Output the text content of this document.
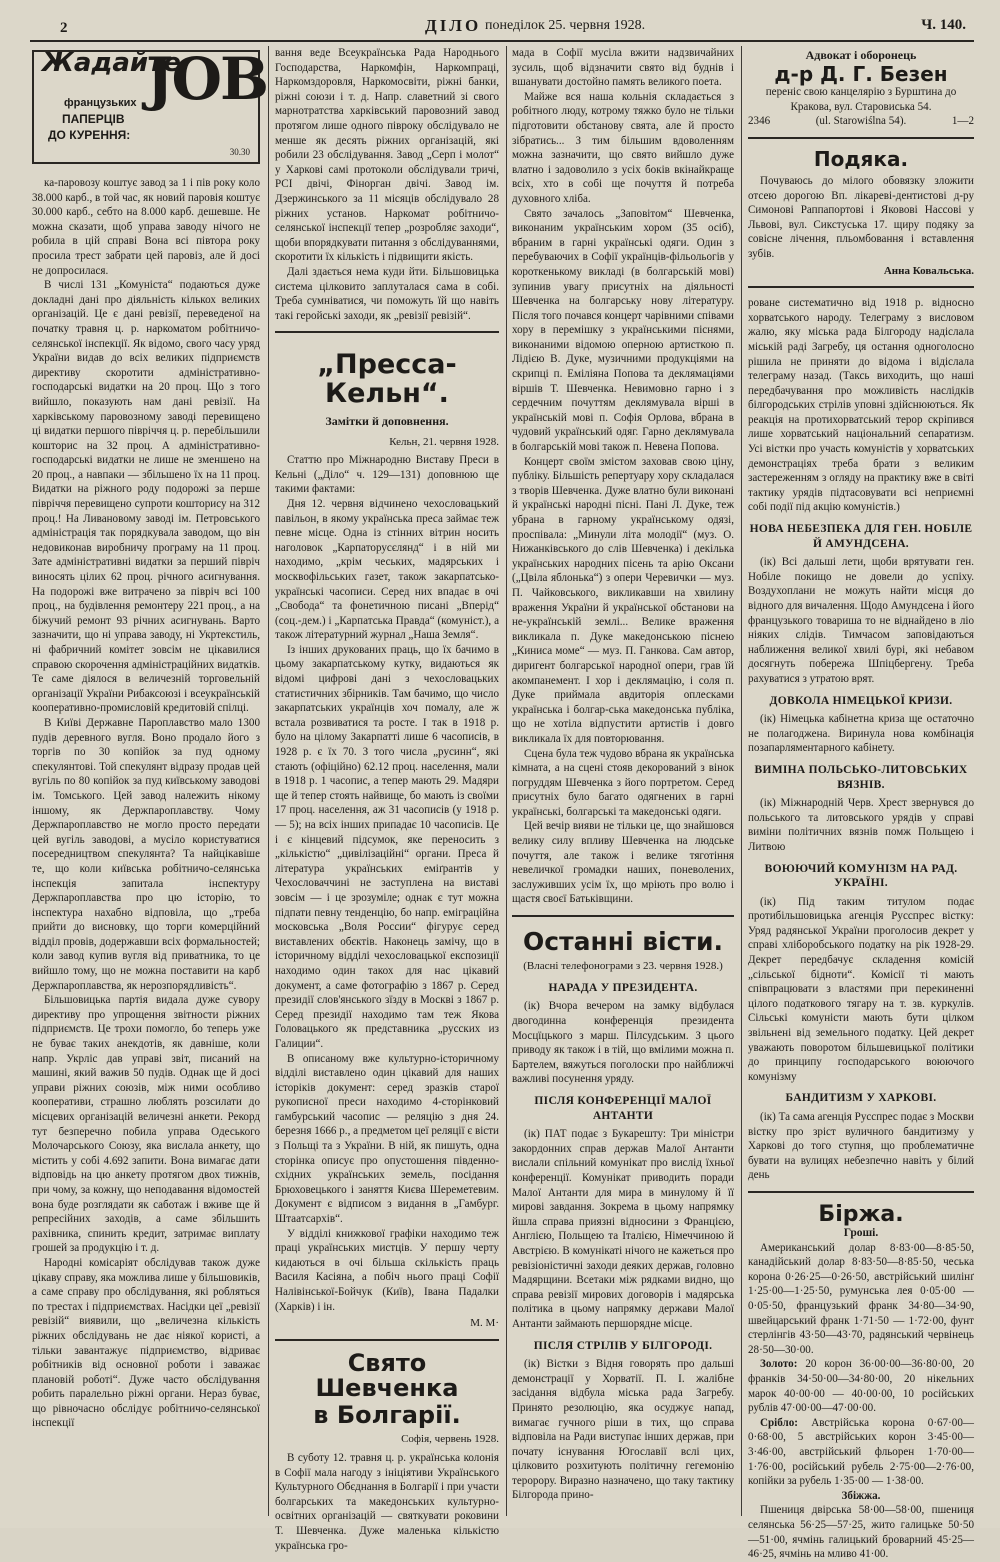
2	ДІЛО понеділок 25. червня 1928.	Ч. 140.
Жадайте
французьких
ПАПЕРЦІВ
ДО КУРЕННЯ:
JOB
30.30

ка-паровозу коштує завод за 1 і пів року коло 38.000 карб., в той час, як новий паровія коштує 30.000 карб., себто на 8.000 карб. дешевше. Не можна сказати, щоб управа заводу нічого не робила в цій справі Вона всі півтора року просила трест забрати цей паровіз, але й досі не допросилася.

В числі 131 „Комуніста“ подаються дуже докладні дані про діяльність кількох великих організацій. Це є дані ревізії, переведеної на початку травня ц. р. наркоматом робітничо-селянської інспекції. Як відомо, свого часу уряд України видав до всіх великих підприємств директиву скоротити адміністративно-господарські видатки на 20 проц. Що з того вийшло, показують нам дані ревізії. На харківському паровозному заводі перевищено ці видатки першого півріччя ц. р. перебільшили кошторис на 32 проц. А адміністративно-господарські видатки не лише не зменшено на 20 проц., а навпаки — збільшено їх на 11 проц. Видатки на ріжного роду подорожі за перше півріччя перевищено супроти кошторису на 312 проц.! На Ливановому заводі ім. Петровського адміністрація так порядкувала заводом, що він недовиконав виробничу програму на 11 проц. Зате адміністративні видатки за перший півріч виносять цілих 62 проц. річного асигнування. На подорожі вже витрачено за півріч всі 100 проц., на будівлення ремонтеру 221 проц., а на біжучий ремонт 93 річних асигнувань. Варто зазначити, що ні управа заводу, ні Укртекстиль, ні фабричний комітет зовсім не цікавилися справою скорочення адміністраційних видатків. Те саме діялося в величезній торговельній організації України Рибаксоюзі і всеукраїнській кооперативно-промисловій кредитовій спілці.

В Київі Державне Пароплавство мало 1300 пудів деревного вугля. Воно продало його з торгів по 30 копійок за пуд одному спекулянтові. Той спекулянт відразу продав цей вугіль по 80 копійок за пуд київському заводові ім. Томського. Цей завод належить нікому іншому, як Держпароплавству. Чому Держпароплавство не могло просто передати цей вугіль заводові, а мусіло користуватися посередництвом спекулянта? Та найцікавіше те, що коли київська робітничо-селянська інспекція запитала інспектуру Держпароплавства про цю історію, то інспектура нахабно відповіла, що „треба прийти до висновку, що торги комерційний відділ провів, додержавши всіх формальностей; коли завод купив вугля від приватника, то це вийшло тому, що не можна поставити на карб Держпароплавства, як нерозпорядливість“.

Більшовицька партія видала дуже сувору директиву про упрощення звітности ріжних підприємств. Це трохи помогло, бо теперь уже не буває таких анекдотів, як давніше, коли напр. Укрліс дав управі звіт, писаний на машині, який важив 50 пудів. Однак ще й досі управи ріжних союзів, між ними особливо кооперативи, страшно люблять розсилати до місцевих організацій величезні анкети. Рекорд тут безперечно побила управа Одеського Молочарського Союзу, яка вислала анкету, що містить у собі 4.692 запити. Вона вимагає дати відповідь на цю анкету протягом двох тижнів, при чому, за кожну, що неподавання відомостей вона буде розглядати як саботаж і вживе ще й репресійних заходів, а саме збільшить рахівника, спинить кредит, затримає виплату грошей за продукцію і т. д.

Народні комісаріят обслідував також дуже цікаву справу, яка можлива лише у більшовиків, а саме справу про обслідування, які робляться по трестах і підприємствах. Насідки цеї „ревізії ревізій“ виявили, що „величезна кількість ріжних обслідувань не дає ніякої користі, а тільки завантажує підприємство, відриває робітників від основної роботи і заважає плановій роботі“. Дуже часто обслідування робить паралельно ріжні органи. Нераз буває, що рівночасно обслідує робітничо-селянської інспекції

вання веде Всеукраїнська Рада Народнього Господарства, Наркомфін, Наркомпраці, Наркомздоровля, Наркомосвіти, ріжні банки, ріжні союзи і т. д. Напр. славетний зі свого марнотратства харківський паровозний завод протягом лише одного півроку обслідувало не менше як десять ріжних організацій, які робили 23 обслідування. Завод „Серп і молот“ у Харкові самі протоколи обслідували тричі, РСІ двічі, Фінорган двічі. Завод ім. Дзержинського за 11 місяців обслідувало 28 ріжних установ. Наркомат робітничо-селянської інспекції тепер „розробляє заходи“, щоби впорядкувати питання з обслідуваннями, скоротити їх кількість і підвищити якість.

Далі здається нема куди йти. Більшовицька система цілковито заплуталася сама в собі. Треба сумніватися, чи поможуть їй що навіть такі геройські заходи, як „ревізії ревізій“.

„Пресса-Кельн“.
Замітки й доповнення.
Кельн, 21. червня 1928.

Статтю про Міжнародню Виставу Преси в Кельні („Діло“ ч. 129—131) доповнюю ще такими фактами:

Дня 12. червня відчинено чехословацький павільон, в якому українська преса займає теж певне місце. Одна із стінних вітрин носить наголовок „Карпаторусєлянд“ і в ній ми находимо, „крім чеських, мадярських і москвофільських газет, також закарпатсько-українські часописи. Серед них впадає в очі „Свобода“ та фонетичною писані „Вперід“ (соц.-дем.) і „Карпатська Правда“ (комуніст.), а також літературний журнал „Наша Земля“.

Із інших друкованих праць, що їх бачимо в цьому закарпатському кутку, видаються як відомі цифрові дані з чехословацьких статистичних збірників. Там бачимо, що число закарпатських українців хоч помалу, але ж встала розвиватися та росте. І так в 1918 р. було на цілому Закарпатті лише 6 часописів, в 1928 р. є їх 70. З того числа „русинн“, які стають (офіційно) 62.12 проц. населення, мали в 1918 р. 1 часопис, а тепер мають 29. Мадяри ще й тепер стоять найвище, бо мають із своїми 17 проц. населення, аж 31 часописів (у 1918 р. — 5); на всіх інших припадає 10 часописів. Це і є кінцевий підсумок, яке переносить з „кількістю“ „цивілізаційні“ органи. Преса й література українських еміґрантів у Чехословаччині не заступлена на виставі зовсім — і це зрозуміле; однак є тут можна підпати певну тенденцію, бо напр. еміграційна московська „Воля России“ фігурує серед виставлених обєктів. Наконець замічу, що в історичному відділі чехословацької експозиції находимо один такох для нас цікавий документ, а саме фотографію з 1867 р. Серед президії слов'янського зїзду в Москві з 1867 р. Серед президії находимо там теж Якова Головацького як представника „русских из Галиции“.

В описаному вже культурно-історичному відділі виставлено один цікавий для наших історіків документ: серед зразків старої рукописної преси находимо 4-сторінковий гамбурський часопис — реляцію з дня 24. березня 1666 р., а предметом цеї реляції є вісти з Польщі та з України. В ній, як пишуть, одна сторінка описує про опустошення південно-східних українських земель, посідання Брюховецького і заняття Києва Шереметевим. Документ є відписом з видання в „Гамбург. Штаатсархів“.

У відділі книжкової графіки находимо теж праці українських мистців. У першу черту кидаються в очі більша скількість праць Василя Касіяна, а побіч нього праці Софії Налівінської-Бойчук (Київ), Івана Падалки (Харків) і ін.

М. М·
Свято Шевченка
в Болгарії.
Софія, червень 1928.

В суботу 12. травня ц. р. українська колонія в Софії мала нагоду з ініціятиви Українського Культурного Обєднання в Болгарії і при участи болгарських та македонських культурно-освітних організацій — святкувати роковини Т. Шевченка. Дуже маленька кількістю українська гро-

мада в Софії мусіла вжити надзвичайних зусиль, щоб відзначити свято від буднів і вшанувати достойно память великого поета.

Майже вся наша кольнія складається з робітного люду, котрому тяжко було не тільки підготовити обстанову свята, але й просто зібратись... З тим більшим вдоволенням можна зазначити, що свято вийшло дуже влатно і задоволило з усіх боків вкінайкраще всіх, хто в собі ще почуття й потреба духовного хліба.

Свято зачалось „Заповітом“ Шевченка, виконаним українським хором (35 осіб), вбраним в гарні українські одяги. Один з перебуваючих в Софії українців-фільольогів у короткенькому викладі (в болгарській мові) зупинив увагу присутніх на діяльності Шевченка на болгарську нову літературу. Після того почався концерт чарівними співами хору в перемішку з українськими піснями, виконаними відомою оперною артисткою п. Лідією В. Дуке, музичними продукціями на скрипці п. Еміліяна Попова та деклямаціями віршів Т. Шевченка. Невимовно гарно і з сердечним почуттям деклямувала вірші в українській мові п. Софія Орлова, вбрана в чудовий український одяг. Гарно деклямувала в болгарській мові також п. Невена Попова.

Концерт своїм змістом заховав свою ціну, публіку. Більшість репертуару хору складалася з творів Шевченка. Дуже влатно були виконані й українські народні пісні. Пані Л. Дуке, теж убрана в гарному українському одязі, проспівала: „Минули літа молодії“ (муз. О. Нижанківського до слів Шевченка) і декілька українських народних пісень та арію Оксани („Цвіла яблонька“) з опери Черевички — муз. П. Чайковського, викликавши на хвилину враження України й української обстанови на не-українській землі... Велике враження викликала п. Дуке македонською піснею „Киниса моме“ — муз. П. Ганкова. Сам автор, диригент болгарської народної опери, грав їй акомпанемент. І хор і деклямацію, і соля п. Дуке приймала авдиторія оплесками українська і болгар-ська македонська публіка, що не хотіла відпустити артистів і довго викликала їх для повторювання.

Сцена була теж чудово вбрана як українська кімната, а на сцені стояв декорований з вінок погруддям Шевченка з його портретом. Серед присутніх було багато одягнених в гарні українські, болгарські та македонські одяги.

Цей вечір вияви не тільки це, що знайшовся велику силу впливу Шевченка на людське почуття, але також і велике тяготіння невеличкої громадки наших, поневолених, заслуживших усім їх, що мріють про волю і щастя своєї Батьківщини.

Останні вісти.
(Власні телефонограми з 23. червня 1928.)
НАРАДА У ПРЕЗИДЕНТА.

(ік) Вчора вечером на замку відбулася двогодинна конференція президента Мосцїцького з марш. Пілсудським. З цього приводу як також і в тій, що вмілими можна п. Бартелем, вяжуться поголоски про найближчі важливі посунення уряду.

ПІСЛЯ КОНФЕРЕНЦІЇ МАЛОЇ АНТАНТИ

(ік) ПАТ подає з Букарешту: Три міністри закордонних справ держав Малої Антанти вислали спільний комунікат про вислід їхньої конференції. Комунікат приводить поради Малої Антанти для мира в минулому й її мирові завдання. Зокрема в цьому напрямку йшла справа приязні відносини з Францією, Англією, Польщею та Італією, Німеччиною й Австрією. В комунікаті нічого не кажеться про ревізіоністичні заходи деяких держав, головно Мадярщини. Всетаки між рядками видно, що справа ревізії мирових договорів і мадярська політика в цьому напрямку держави Малої Антанти займають першорядне місце.

ПІСЛЯ СТРІЛІВ У БІЛГОРОДІ.

(ік) Вістки з Відня говорять про дальші демонстрації у Хорватії. П. І. жалібне засідання відбула міська рада Загребу. Принято резолюцію, яка осуджує напад, вимагає гучного ріши в тих, що справа відповіла на Ради виступає інших держав, при почату існування Югославії вслі цих, цілковито розхитують політичну гегемонію теророру. Виразно назначено, що таку тактику Білгорода прино-

Адвокат і оборонець
д-р Д. Г. Безен
переніс свою канцелярію з Бурштина до
Кракова, вул. Старовиська 54.
2346	(ul. Starowiślna 54).	1—2
Подяка.

Почуваюсь до мілого обовязку зложити отсею дорогою Вп. лікареві-дентистові д-ру Симонові Раппапортові і Яковові Нассові у Львові, вул. Сикстуська 17. щиру подяку за совісне лічення, пльомбовання і вставлення зубів.

Анна Ковальська.

роване систематично від 1918 р. відносно хорватського народу. Телеграму з висловом жалю, яку міська рада Білгороду надіслала міській раді Загребу, ця остання одноголосно рішила не приняти до відома і відіслала телеграму назад. (Таксь виходить, що наші передбачування про можливість наслідків білгородських стрілів уповні здійснюються. Як реакція на протихорватський терор скріпився лише хорватський національний сепаратизм. Усі вістки про участь комуністів у хорватських демонстраціях треба брати з великим застереженням з огляду на практику вже в світі тактику урядів підтасовувати всі неприємні собі події під акцію комуністів.)

НОВА НЕБЕЗПЕКА ДЛЯ ГЕН. НОБІЛЕ Й АМУНДСЕНА.

(ік) Всі дальші лети, щоби врятувати ген. Нобіле покищо не довели до успіху. Воздухоплани не можуть найти місця до відного для вичалення. Щодо Амундсена і його французького товариша то не віднайдено в ліо ніяких слідів. Тимчасом заповідаються наближення великої хвилі бурі, які небавом досягнуть побережа Шпіцбергену. Треба рахуватися з утратою врят.

ДОВКОЛА НІМЕЦЬКОЇ КРИЗИ.

(ік) Німецька кабінетна криза ще остаточно не полагоджена. Виринула нова комбінація позапарляментарного кабінету.

ВИМІНА ПОЛЬСЬКО-ЛИТОВСЬКИХ ВЯЗНІВ.

(ік) Міжнародній Черв. Хрест звернувся до польського та литовського урядів у справі виміни політичних вязнів помж Польщею і Литвою

ВОЮЮЧИЙ КОМУНІЗМ НА РАД. УКРАЇНІ.

(ік) Під таким титулом подає протибільшовицька агенція Русспрес вістку: Уряд радянської України проголосив декрет у справі хліборобського податку на рік 1928-29. Декрет передбачує складення комісій „сільської бідноти“. Комісії ті мають співпрацювати з властями при перекиненні цілого податкового тягару на т. зв. куркулів. Сільські комуністи мають бути цілком звільнені від земельного податку. Цей декрет уважають поворотом більшевицької політики до принципу господарського воюючого комунізму

БАНДИТИЗМ У ХАРКОВІ.

(ік) Та сама агенція Русспрес подає з Москви вістку про зріст вуличного бандитизму у Харкові до того ступня, що проблематичне бувати на вулицях небезпечно навіть у білий день

Біржа.
Гроші.

Американський долар 8·83·00—8·85·50, канадійський долар 8·83·50—8·85·50, чеська корона 0·26·25—0·26·50, австрійський шилінґ 1·25·00—1·25·50, румунська лея 0·05·00 — 0·05·50, французький франк 34·80—34·90, швейцарський франк 1·71·50 — 1·72·00, фунт стерлінгів 43·50—43·70, радянський червінець 28·50—30·00.

Золото: 20 корон 36·00·00—36·80·00, 20 франків 34·50·00—34·80·00, 20 нікельних марок 40·00·00 — 40·00·00, 10 російських рублів 47·00·00—47·00·00.

Срібло: Австрійська корона 0·67·00—0·68·00, 5 австрійських корон 3·45·00—3·46·00, австрійський фльорен 1·70·00—1·76·00, російський рубель 2·75·00—2·76·00, копійки за рубель 1·35·00 — 1·38·00.

Збіжжа.

Пшениця двірська 58·00—58·00, пшениця селянська 56·25—57·25, жито галицьке 50·50—51·00, ячмінь галицький броварний 45·25—46·25, ячмінь на мливо 41·00.
